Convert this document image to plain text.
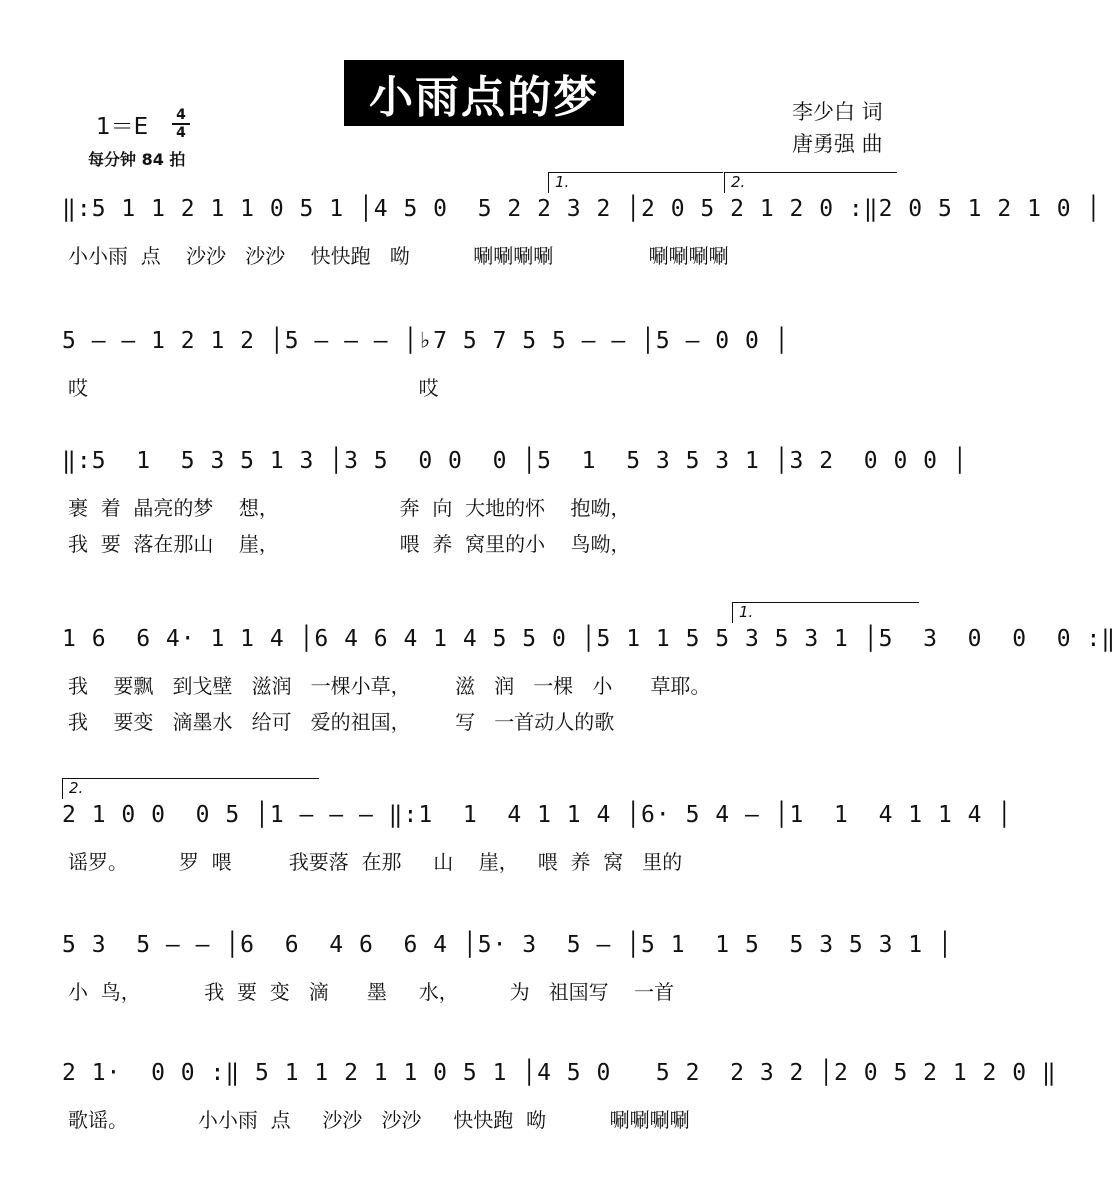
小雨点的梦
1＝E 4
4
每分钟 84 拍
李少白 词
唐勇强 曲
1.	2.
‖:5 1 1 2 1 1 0 5 1 │4 5 0  5 2 2 3 2 │2 0 5 2 1 2 0 :‖2 0 5 1 2 1 0 │
小小雨  点    沙沙   沙沙    快快跑   呦          唰唰唰唰               唰唰唰唰
5 – – 1 2 1 2 │5 – – – │♭7 5 7 5 5 – – │5 – 0 0 │
哎                                                    哎
‖:5  1  5 3 5 1 3 │3 5  0 0  0 │5  1  5 3 5 3 1 │3 2  0 0 0 │
裹  着  晶亮的梦    想，                   奔  向  大地的怀    抱呦，
我  要  落在那山    崖，                   喂  养  窝里的小    鸟呦，
1.
1 6  6 4· 1 1 4 │6 4 6 4 1 4 5 5 0 │5 1 1 5 5 3 5 3 1 │5  3  0  0  0 :‖
我    要飘   到戈壁   滋润   一棵小草，       滋   润   一棵   小      草耶。
我    要变   滴墨水   给可   爱的祖国，       写   一首动人的歌
2.
2 1 0 0  0 5 │1 – – – ‖:1  1  4 1 1 4 │6· 5 4 – │1  1  4 1 1 4 │
谣罗。        罗  喂         我要落  在那     山    崖，   喂  养  窝   里的
5 3  5 – – │6  6  4 6  6 4 │5· 3  5 – │5 1  1 5  5 3 5 3 1 │
小  鸟，          我  要  变   滴      墨     水，        为   祖国写    一首
2 1·  0 0 :‖ 5 1 1 2 1 1 0 5 1 │4 5 0   5 2  2 3 2 │2 0 5 2 1 2 0 ‖
歌谣。           小小雨  点     沙沙   沙沙     快快跑  呦          唰唰唰唰
